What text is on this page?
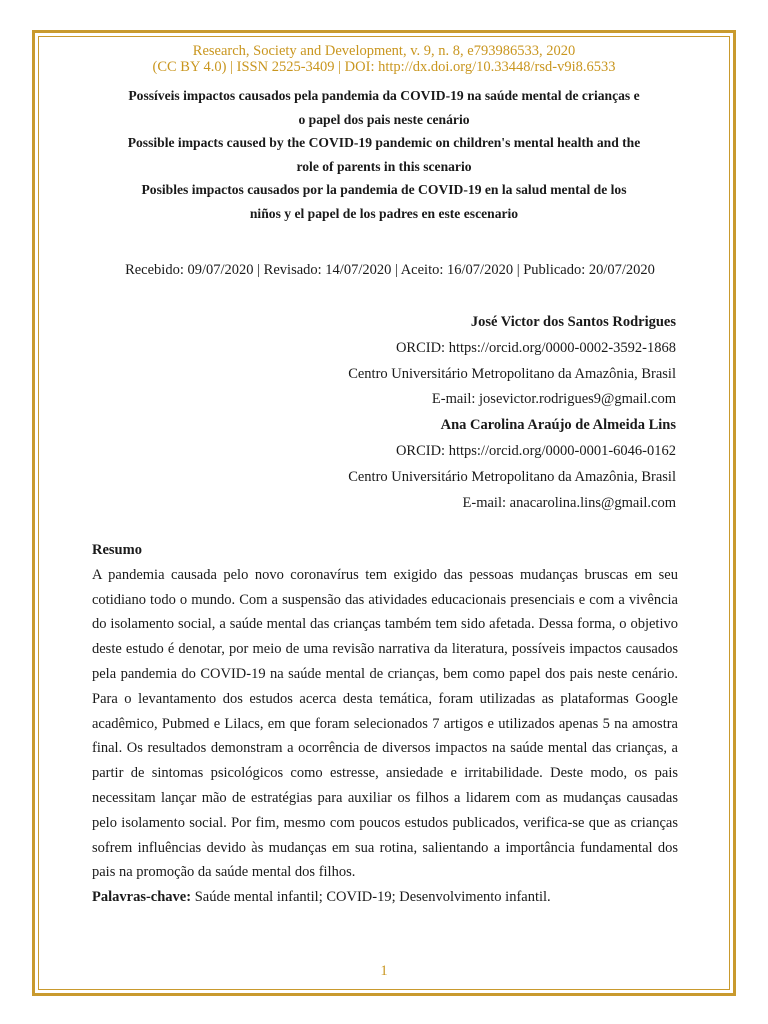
Research, Society and Development, v. 9, n. 8, e793986533, 2020
(CC BY 4.0) | ISSN 2525-3409 | DOI: http://dx.doi.org/10.33448/rsd-v9i8.6533
Possíveis impactos causados pela pandemia da COVID-19 na saúde mental de crianças e
o papel dos pais neste cenário
Possible impacts caused by the COVID-19 pandemic on children's mental health and the
role of parents in this scenario
Posibles impactos causados por la pandemia de COVID-19 en la salud mental de los
niños y el papel de los padres en este escenario
Recebido: 09/07/2020 | Revisado: 14/07/2020 | Aceito: 16/07/2020 | Publicado: 20/07/2020
José Victor dos Santos Rodrigues
ORCID: https://orcid.org/0000-0002-3592-1868
Centro Universitário Metropolitano da Amazônia, Brasil
E-mail: josevictor.rodrigues9@gmail.com
Ana Carolina Araújo de Almeida Lins
ORCID: https://orcid.org/0000-0001-6046-0162
Centro Universitário Metropolitano da Amazônia, Brasil
E-mail: anacarolina.lins@gmail.com
Resumo

A pandemia causada pelo novo coronavírus tem exigido das pessoas mudanças bruscas em seu cotidiano todo o mundo. Com a suspensão das atividades educacionais presenciais e com a vivência do isolamento social, a saúde mental das crianças também tem sido afetada. Dessa forma, o objetivo deste estudo é denotar, por meio de uma revisão narrativa da literatura, possíveis impactos causados pela pandemia do COVID-19 na saúde mental de crianças, bem como papel dos pais neste cenário. Para o levantamento dos estudos acerca desta temática, foram utilizadas as plataformas Google acadêmico, Pubmed e Lilacs, em que foram selecionados 7 artigos e utilizados apenas 5 na amostra final. Os resultados demonstram a ocorrência de diversos impactos na saúde mental das crianças, a partir de sintomas psicológicos como estresse, ansiedade e irritabilidade. Deste modo, os pais necessitam lançar mão de estratégias para auxiliar os filhos a lidarem com as mudanças causadas pelo isolamento social. Por fim, mesmo com poucos estudos publicados, verifica-se que as crianças sofrem influências devido às mudanças em sua rotina, salientando a importância fundamental dos pais na promoção da saúde mental dos filhos.

Palavras-chave: Saúde mental infantil; COVID-19; Desenvolvimento infantil.

1
